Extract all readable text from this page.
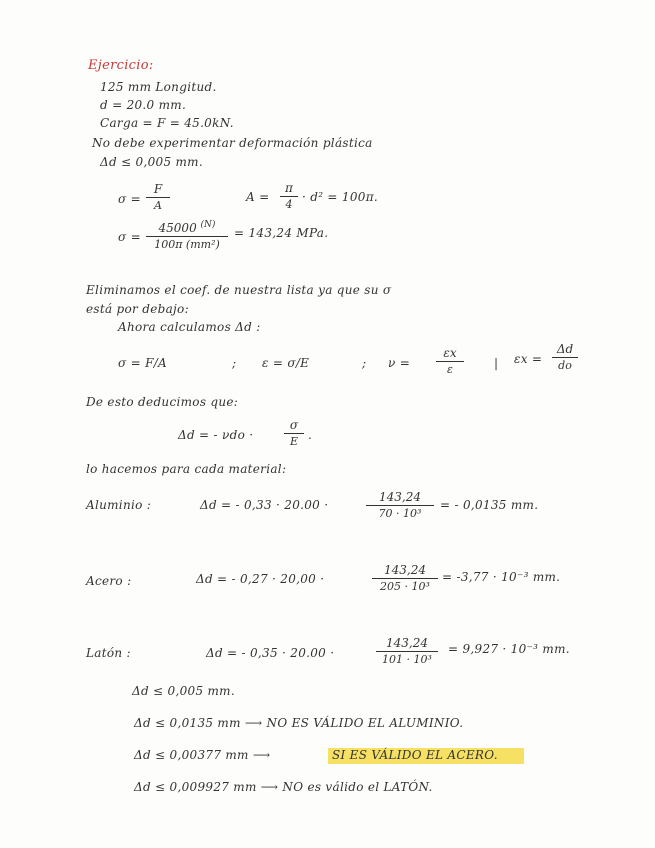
Ejercicio:
125 mm Longitud.
d = 20.0 mm.
Carga = F = 45.0kN.
No debe experimentar deformación plástica
Δd ≤ 0,005 mm.
$\sigma = \frac{F}{A}$	$A = \frac{\pi}{4} \cdot d^2 = 100\pi$.
$\sigma = \frac{45000 ^{(N)}}{\text{100π (mm²)}} = 143,24$ MPa.
Eliminamos el coef. de nuestra lista ya que su σ
está por debajo:
Ahora calculamos Δd :
σ = F/A	; ε = σ/E	; $\nu = \frac{\varepsilon x}{\varepsilon}$	| $\varepsilon x = \frac{\Delta d}{do}$
De esto deducimos que:
Δd = - νdo ·	$\frac{\sigma}{E}$ .
lo hacemos para cada material:
Aluminio :	Δd = - 0,33 · 20.00 ·	$\frac{143,24}{\text{70 · 10³}}$ = - 0,0135 mm.
Acero :	Δd = - 0,27 · 20,00 ·	$\frac{143,24}{\text{205 · 10³}} = -3,77 \cdot 10^{-3}$ mm.
Latón :	Δd = - 0,35 · 20.00 ·	$\frac{143,24}{\text{101 · 10³}} = 9,927 \cdot 10^{-3}$ mm.
Δd ≤ 0,005 mm.
Δd ≤ 0,0135 mm ⟶ NO ES VÁLIDO EL ALUMINIO.
Δd ≤ 0,00377 mm ⟶	SI ES VÁLIDO EL ACERO.
Δd ≤ 0,009927 mm ⟶ NO es válido el LATÓN.
